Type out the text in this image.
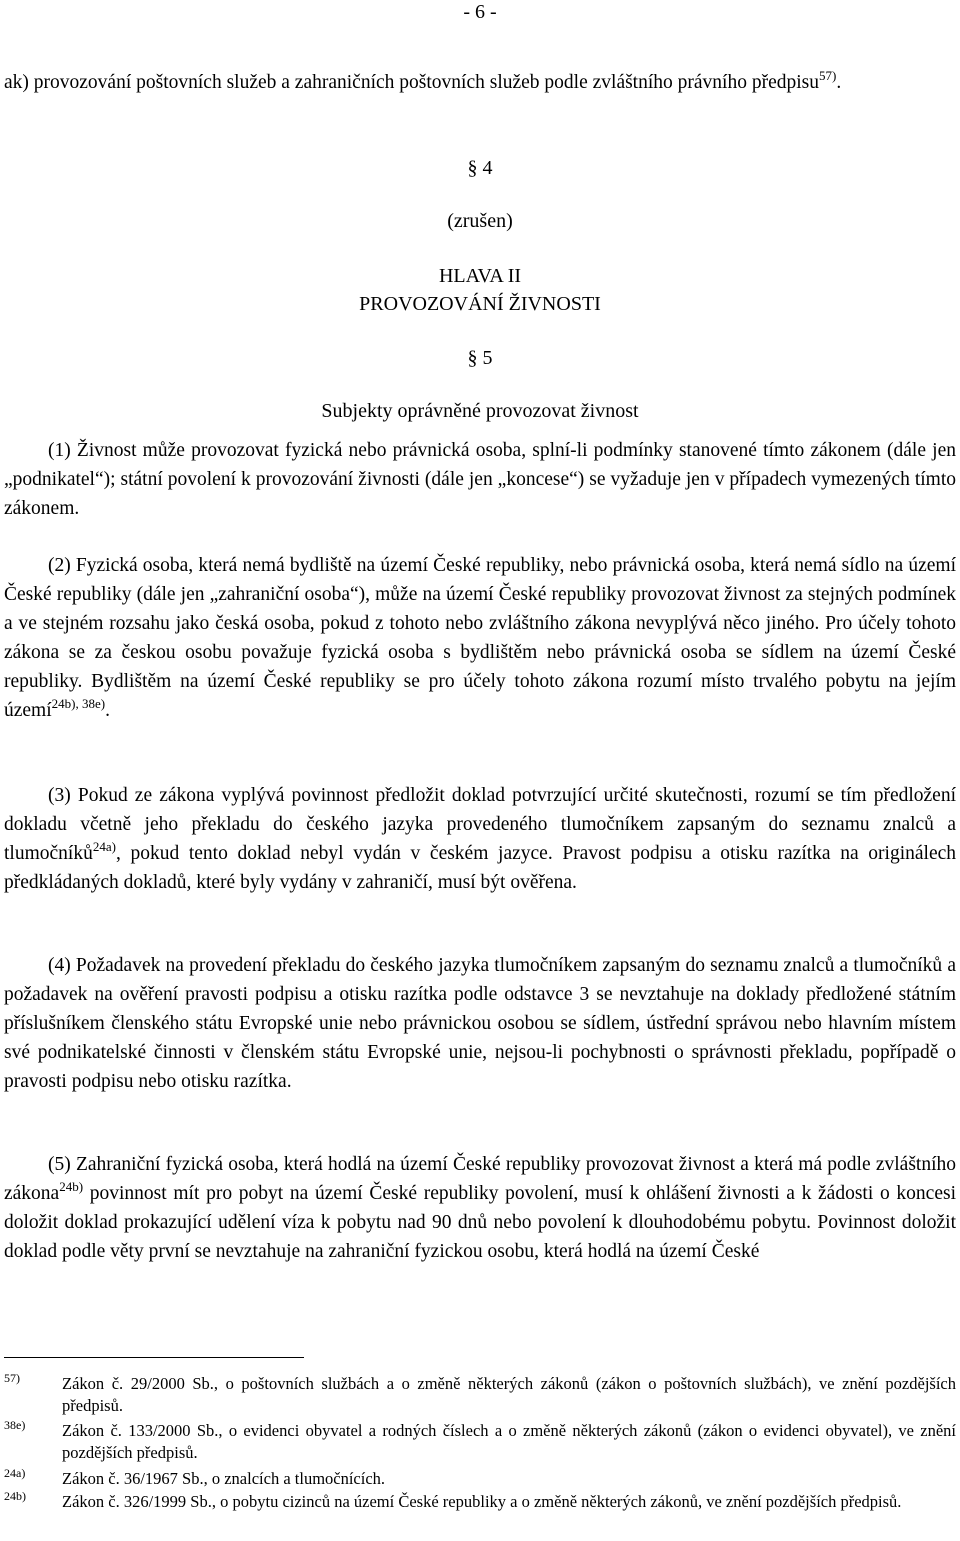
- 6 -
ak) provozování poštovních služeb a zahraničních poštovních služeb podle zvláštního právního předpisu$^{57)}$.
§ 4
(zrušen)
HLAVA II
PROVOZOVÁNÍ ŽIVNOSTI
§ 5
Subjekty oprávněné provozovat živnost
(1) Živnost může provozovat fyzická nebo právnická osoba, splní-li podmínky stanovené tímto zákonem (dále jen „podnikatel“); státní povolení k provozování živnosti (dále jen „koncese“) se vyžaduje jen v případech vymezených tímto zákonem.
(2) Fyzická osoba, která nemá bydliště na území České republiky, nebo právnická osoba, která nemá sídlo na území České republiky (dále jen „zahraniční osoba“), může na území České republiky provozovat živnost za stejných podmínek a ve stejném rozsahu jako česká osoba, pokud z tohoto nebo zvláštního zákona nevyplývá něco jiného. Pro účely tohoto zákona se za českou osobu považuje fyzická osoba s bydlištěm nebo právnická osoba se sídlem na území České republiky. Bydlištěm na území České republiky se pro účely tohoto zákona rozumí místo trvalého pobytu na jejím území$^{24b), 38e)}$.
(3) Pokud ze zákona vyplývá povinnost předložit doklad potvrzující určité skutečnosti, rozumí se tím předložení dokladu včetně jeho překladu do českého jazyka provedeného tlumočníkem zapsaným do seznamu znalců a tlumočníků$^{24a)}$, pokud tento doklad nebyl vydán v českém jazyce. Pravost podpisu a otisku razítka na originálech předkládaných dokladů, které byly vydány v zahraničí, musí být ověřena.
(4) Požadavek na provedení překladu do českého jazyka tlumočníkem zapsaným do seznamu znalců a tlumočníků a požadavek na ověření pravosti podpisu a otisku razítka podle odstavce 3 se nevztahuje na doklady předložené státním příslušníkem členského státu Evropské unie nebo právnickou osobou se sídlem, ústřední správou nebo hlavním místem své podnikatelské činnosti v členském státu Evropské unie, nejsou-li pochybnosti o správnosti překladu, popřípadě o pravosti podpisu nebo otisku razítka.
(5) Zahraniční fyzická osoba, která hodlá na území České republiky provozovat živnost a která má podle zvláštního zákona$^{24b)}$ povinnost mít pro pobyt na území České republiky povolení, musí k ohlášení živnosti a k žádosti o koncesi doložit doklad prokazující udělení víza k pobytu nad 90 dnů nebo povolení k dlouhodobému pobytu. Povinnost doložit doklad podle věty první se nevztahuje na zahraniční fyzickou osobu, která hodlá na území České
57)	Zákon č. 29/2000 Sb., o poštovních službách a o změně některých zákonů (zákon o poštovních službách), ve znění pozdějších předpisů.
38e) Zákon č. 133/2000 Sb., o evidenci obyvatel a rodných číslech a o změně některých zákonů (zákon o evidenci obyvatel), ve znění pozdějších předpisů.
24a) Zákon č. 36/1967 Sb., o znalcích a tlumočnících.
24b) Zákon č. 326/1999 Sb., o pobytu cizinců na území České republiky a o změně některých zákonů, ve znění pozdějších předpisů.
